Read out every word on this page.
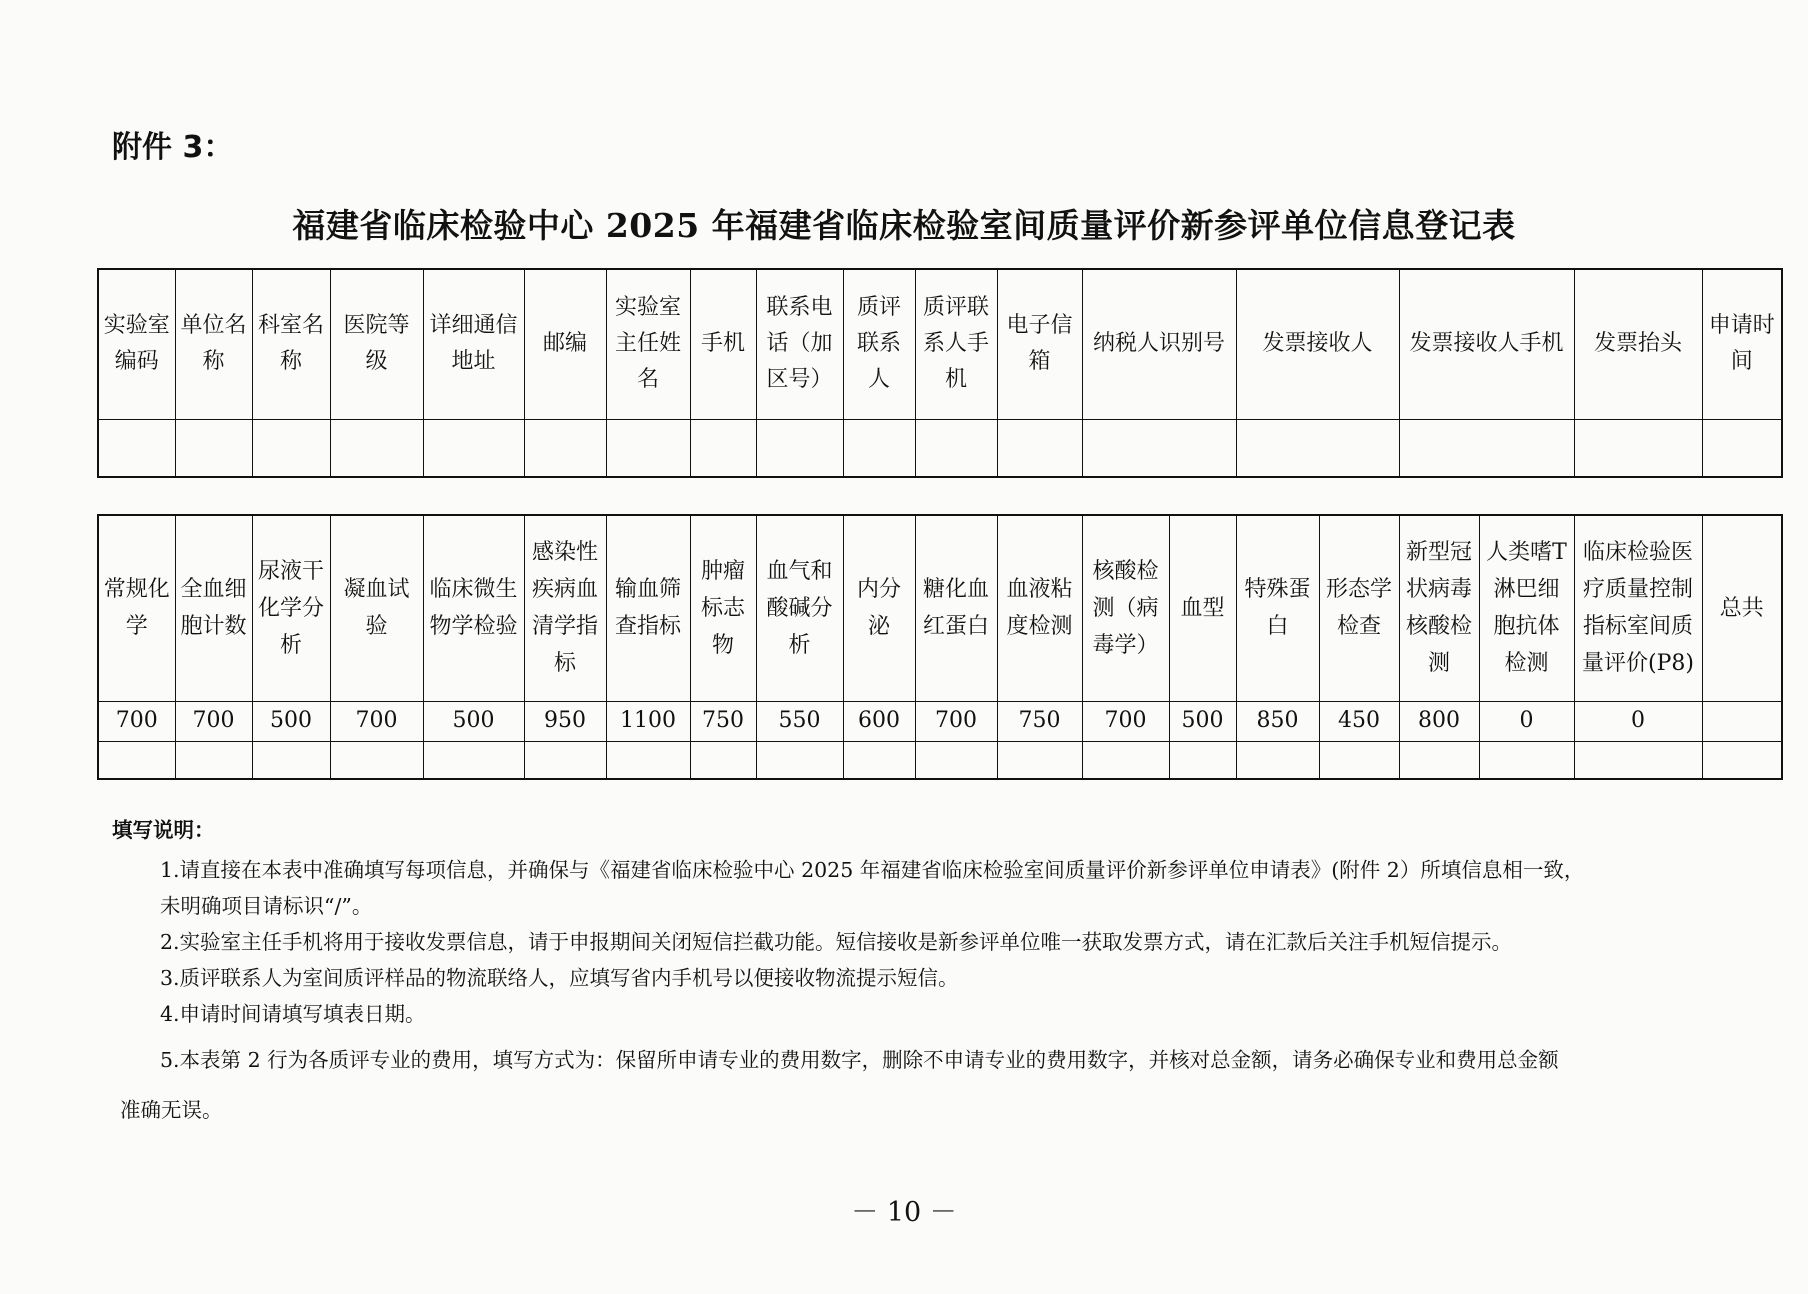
附件 3：
福建省临床检验中心 2025 年福建省临床检验室间质量评价新参评单位信息登记表
实验室编码	单位名称	科室名称	医院等级	详细通信地址	邮编	实验室主任姓名	手机	联系电话（加区号）	质评联系人	质评联系人手机	电子信箱	纳税人识别号	发票接收人	发票接收人手机	发票抬头	申请时间

常规化学	全血细胞计数	尿液干化学分析	凝血试验	临床微生物学检验	感染性疾病血清学指标	输血筛查指标	肿瘤标志物	血气和酸碱分析	内分泌	糖化血红蛋白	血液粘度检测	核酸检测（病毒学）	血型	特殊蛋白	形态学检查	新型冠状病毒核酸检测	人类嗜T淋巴细胞抗体检测	临床检验医疗质量控制指标室间质量评价(P8)	总共
700	700	500	700	500	950	1100	750	550	600	700	750	700	500	850	450	800	0	0	

填写说明：
1.请直接在本表中准确填写每项信息，并确保与《福建省临床检验中心 2025 年福建省临床检验室间质量评价新参评单位申请表》(附件 2）所填信息相一致，
未明确项目请标识“/”。
2.实验室主任手机将用于接收发票信息，请于申报期间关闭短信拦截功能。短信接收是新参评单位唯一获取发票方式，请在汇款后关注手机短信提示。
3.质评联系人为室间质评样品的物流联络人，应填写省内手机号以便接收物流提示短信。
4.申请时间请填写填表日期。
5.本表第 2 行为各质评专业的费用，填写方式为：保留所申请专业的费用数字，删除不申请专业的费用数字，并核对总金额，请务必确保专业和费用总金额
准确无误。
－ 10 －
